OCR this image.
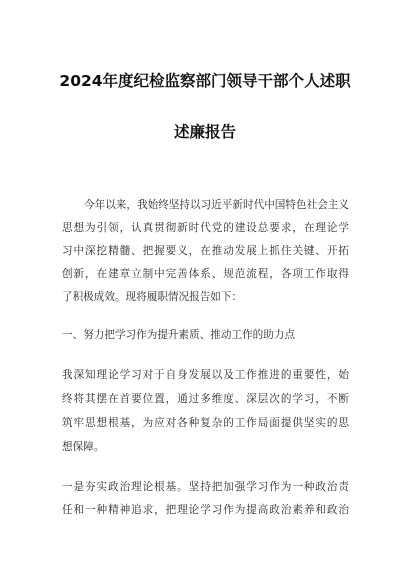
2024年度纪检监察部门领导干部个人述职
述廉报告
今年以来，我始终坚持以习近平新时代中国特色社会主义
思想为引领，认真贯彻新时代党的建设总要求，在理论学
习中深挖精髓、把握要义，在推动发展上抓住关键、开拓
创新，在建章立制中完善体系、规范流程，各项工作取得
了积极成效。现将履职情况报告如下：
一、努力把学习作为提升素质、推动工作的助力点
我深知理论学习对于自身发展以及工作推进的重要性，始
终将其摆在首要位置，通过多维度、深层次的学习，不断
筑牢思想根基，为应对各种复杂的工作局面提供坚实的思
想保障。
一是夯实政治理论根基。坚持把加强学习作为一种政治责
任和一种精神追求，把理论学习作为提高政治素养和政治
